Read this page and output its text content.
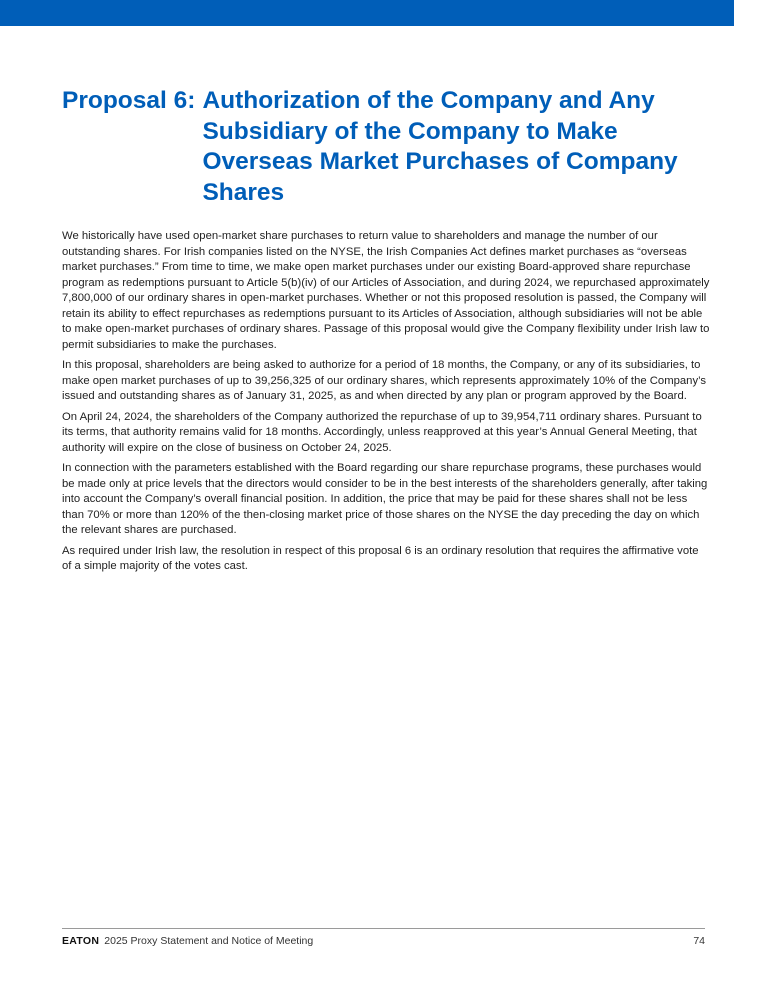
Proposal 6: Authorization of the Company and Any Subsidiary of the Company to Make Overseas Market Purchases of Company Shares

We historically have used open-market share purchases to return value to shareholders and manage the number of our outstanding shares. For Irish companies listed on the NYSE, the Irish Companies Act defines market purchases as “overseas market purchases.” From time to time, we make open market purchases under our existing Board-approved share repurchase program as redemptions pursuant to Article 5(b)(iv) of our Articles of Association, and during 2024, we repurchased approximately 7,800,000 of our ordinary shares in open-market purchases. Whether or not this proposed resolution is passed, the Company will retain its ability to effect repurchases as redemptions pursuant to its Articles of Association, although subsidiaries will not be able to make open-market purchases of ordinary shares. Passage of this proposal would give the Company flexibility under Irish law to permit subsidiaries to make the purchases.

In this proposal, shareholders are being asked to authorize for a period of 18 months, the Company, or any of its subsidiaries, to make open market purchases of up to 39,256,325 of our ordinary shares, which represents approximately 10% of the Company’s issued and outstanding shares as of January 31, 2025, as and when directed by any plan or program approved by the Board.

On April 24, 2024, the shareholders of the Company authorized the repurchase of up to 39,954,711 ordinary shares. Pursuant to its terms, that authority remains valid for 18 months. Accordingly, unless reapproved at this year’s Annual General Meeting, that authority will expire on the close of business on October 24, 2025.

In connection with the parameters established with the Board regarding our share repurchase programs, these purchases would be made only at price levels that the directors would consider to be in the best interests of the shareholders generally, after taking into account the Company’s overall financial position. In addition, the price that may be paid for these shares shall not be less than 70% or more than 120% of the then-closing market price of those shares on the NYSE the day preceding the day on which the relevant shares are purchased.

As required under Irish law, the resolution in respect of this proposal 6 is an ordinary resolution that requires the affirmative vote of a simple majority of the votes cast.

EATON 2025 Proxy Statement and Notice of Meeting	74
